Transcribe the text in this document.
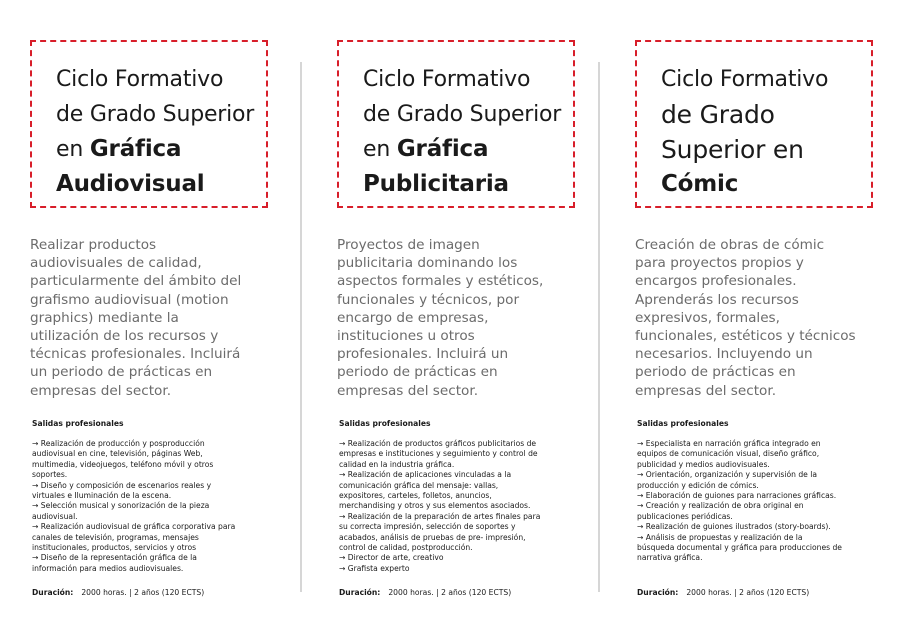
Ciclo Formativo
de Grado Superior
en Gráfica
Audiovisual
Realizar productos
audiovisuales de calidad,
particularmente del ámbito del
grafismo audiovisual (motion
graphics) mediante la
utilización de los recursos y
técnicas profesionales. Incluirá
un periodo de prácticas en
empresas del sector.
Salidas profesionales
→ Realización de producción y posproducción
audiovisual en cine, televisión, páginas Web,
multimedia, videojuegos, teléfono móvil y otros
soportes.
→ Diseño y composición de escenarios reales y
virtuales e Iluminación de la escena.
→ Selección musical y sonorización de la pieza
audiovisual.
→ Realización audiovisual de gráfica corporativa para
canales de televisión, programas, mensajes
institucionales, productos, servicios y otros
→ Diseño de la representación gráfica de la
información para medios audiovisuales.
Duración: 2000 horas. | 2 años (120 ECTS)
Ciclo Formativo
de Grado Superior
en Gráfica
Publicitaria
Proyectos de imagen
publicitaria dominando los
aspectos formales y estéticos,
funcionales y técnicos, por
encargo de empresas,
instituciones u otros
profesionales. Incluirá un
periodo de prácticas en
empresas del sector.
Salidas profesionales
→ Realización de productos gráficos publicitarios de
empresas e instituciones y seguimiento y control de
calidad en la industria gráfica.
→ Realización de aplicaciones vinculadas a la
comunicación gráfica del mensaje: vallas,
expositores, carteles, folletos, anuncios,
merchandising y otros y sus elementos asociados.
→ Realización de la preparación de artes finales para
su correcta impresión, selección de soportes y
acabados, análisis de pruebas de pre- impresión,
control de calidad, postproducción.
→ Director de arte, creativo
→ Grafista experto
Duración: 2000 horas. | 2 años (120 ECTS)
Ciclo Formativo
de Grado
Superior en
Cómic
Creación de obras de cómic
para proyectos propios y
encargos profesionales.
Aprenderás los recursos
expresivos, formales,
funcionales, estéticos y técnicos
necesarios. Incluyendo un
periodo de prácticas en
empresas del sector.
Salidas profesionales
→ Especialista en narración gráfica integrado en
equipos de comunicación visual, diseño gráfico,
publicidad y medios audiovisuales.
→ Orientación, organización y supervisión de la
producción y edición de cómics.
→ Elaboración de guiones para narraciones gráficas.
→ Creación y realización de obra original en
publicaciones periódicas.
→ Realización de guiones ilustrados (story-boards).
→ Análisis de propuestas y realización de la
búsqueda documental y gráfica para producciones de
narrativa gráfica.
Duración: 2000 horas. | 2 años (120 ECTS)
